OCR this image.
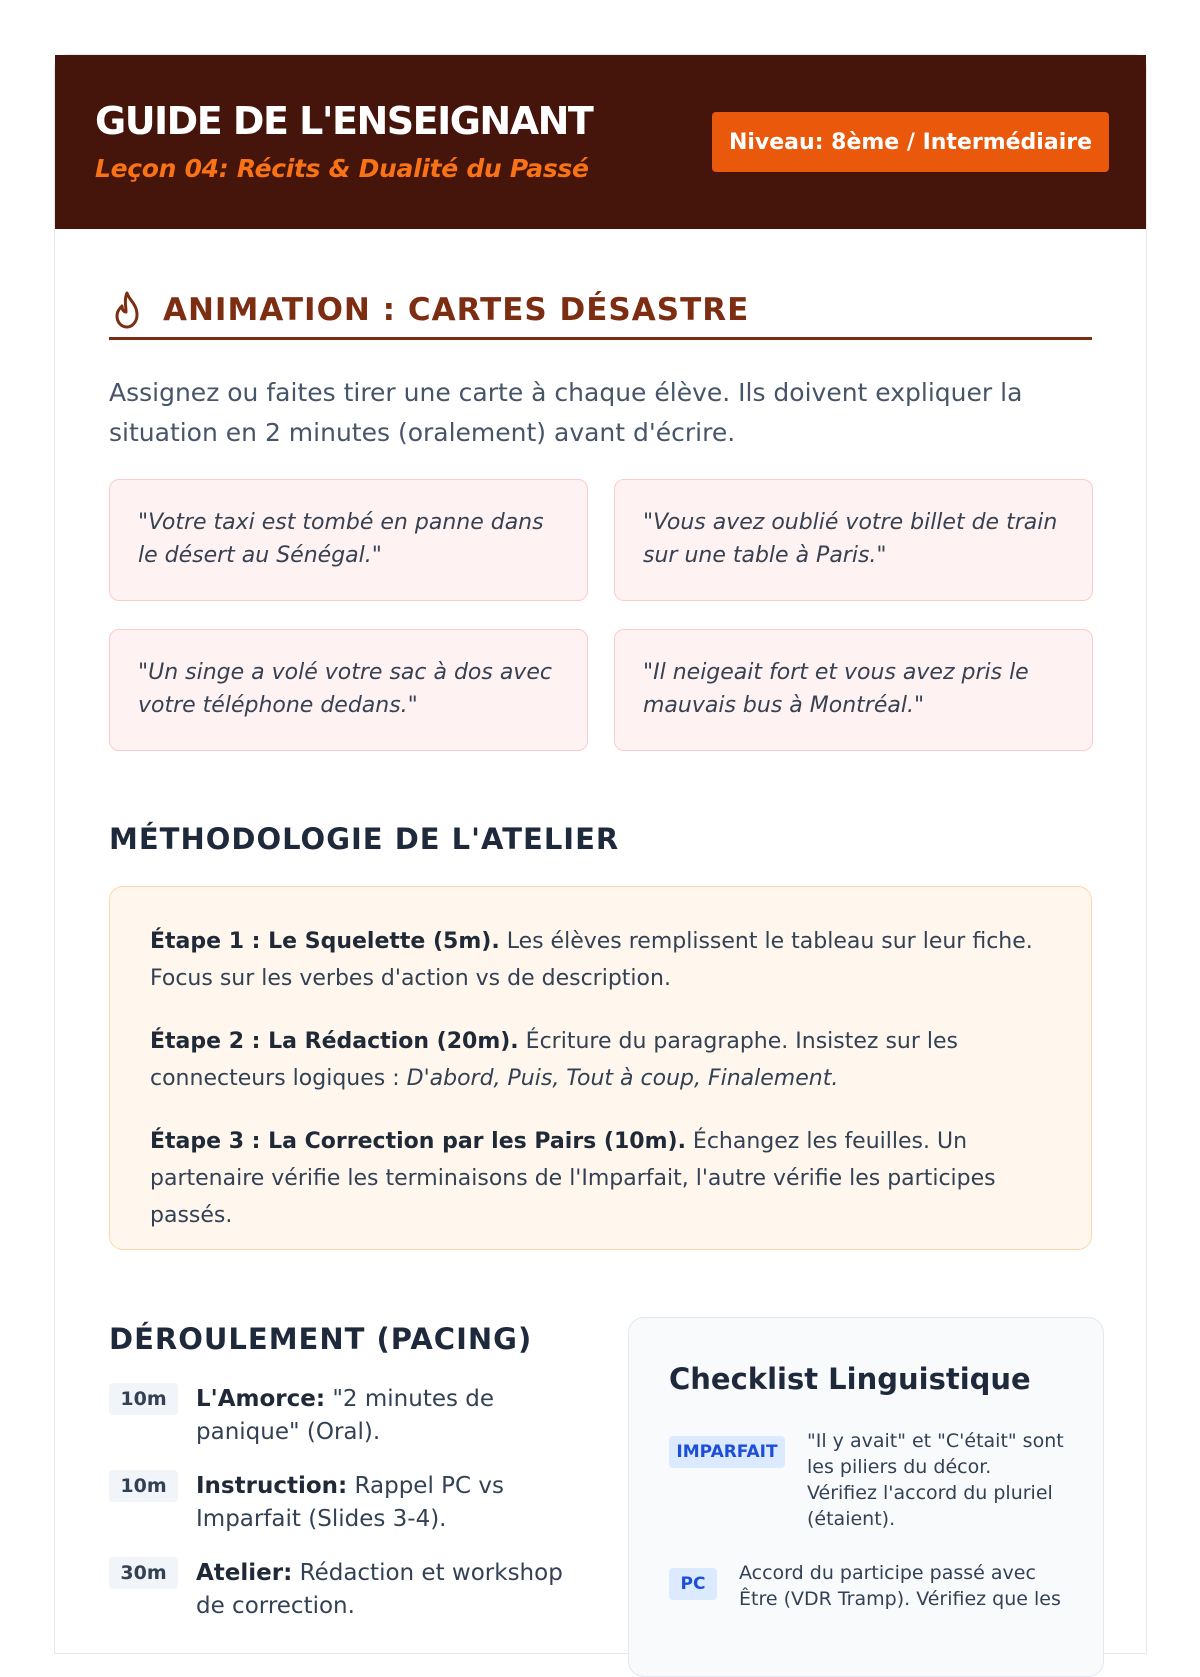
GUIDE DE L'ENSEIGNANT
Leçon 04: Récits & Dualité du Passé
Niveau: 8ème / Intermédiaire
ANIMATION : CARTES DÉSASTRE
Assignez ou faites tirer une carte à chaque élève. Ils doivent expliquer la situation en 2 minutes (oralement) avant d'écrire.
"Votre taxi est tombé en panne dans le désert au Sénégal."
"Vous avez oublié votre billet de train sur une table à Paris."
"Un singe a volé votre sac à dos avec votre téléphone dedans."
"Il neigeait fort et vous avez pris le mauvais bus à Montréal."
MÉTHODOLOGIE DE L'ATELIER

Étape 1 : Le Squelette (5m). Les élèves remplissent le tableau sur leur fiche. Focus sur les verbes d'action vs de description.

Étape 2 : La Rédaction (20m). Écriture du paragraphe. Insistez sur les connecteurs logiques : D'abord, Puis, Tout à coup, Finalement.

Étape 3 : La Correction par les Pairs (10m). Échangez les feuilles. Un partenaire vérifie les terminaisons de l'Imparfait, l'autre vérifie les participes passés.

DÉROULEMENT (PACING)
10m	L'Amorce: "2 minutes de panique" (Oral).
10m	Instruction: Rappel PC vs Imparfait (Slides 3-4).
30m	Atelier: Rédaction et workshop de correction.
Checklist Linguistique
IMPARFAIT	"Il y avait" et "C'était" sont les piliers du décor. Vérifiez l'accord du pluriel (étaient).
PC	Accord du participe passé avec Être (VDR Tramp). Vérifiez que les
